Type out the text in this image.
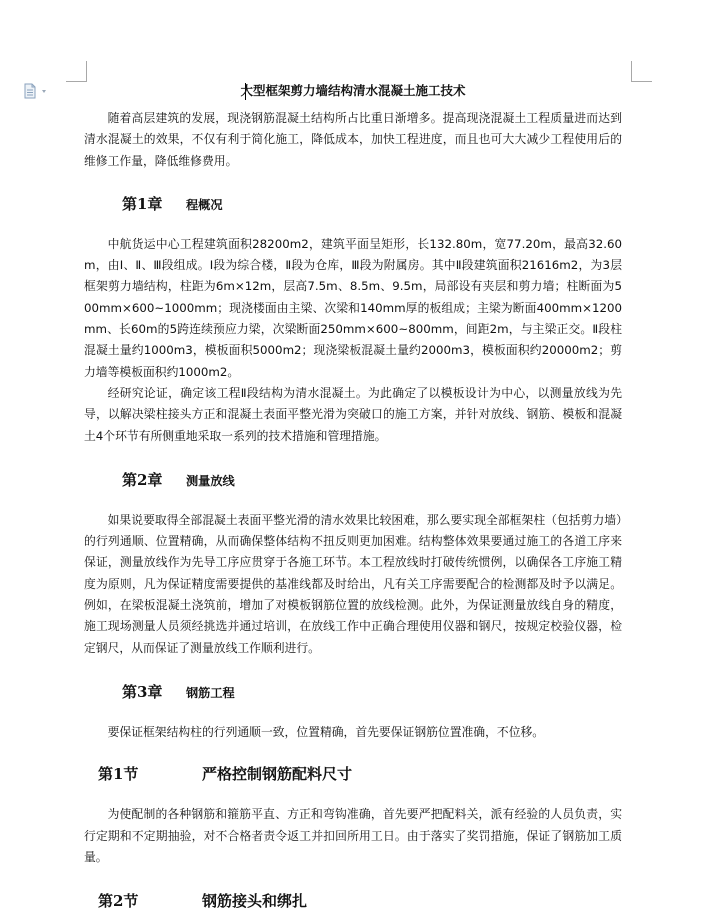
大型框架剪力墙结构清水混凝土施工技术

随着高层建筑的发展，现浇钢筋混凝土结构所占比重日渐增多。提高现浇混凝土工程质量进而达到清水混凝土的效果，不仅有利于简化施工，降低成本，加快工程进度，而且也可大大减少工程使用后的维修工作量，降低维修费用。

第1章	程概况

中航货运中心工程建筑面积28200m2，建筑平面呈矩形，长132.80m，宽77.20m，最高32.60m，由Ⅰ、Ⅱ、Ⅲ段组成。Ⅰ段为综合楼，Ⅱ段为仓库，Ⅲ段为附属房。其中Ⅱ段建筑面积21616m2，为3层框架剪力墙结构，柱距为6m×12m，层高7.5m、8.5m、9.5m，局部设有夹层和剪力墙；柱断面为500mm×600~1000mm；现浇楼面由主梁、次梁和140mm厚的板组成；主梁为断面400mm×1200mm、长60m的5跨连续预应力梁，次梁断面250mm×600~800mm，间距2m，与主梁正交。Ⅱ段柱混凝土量约1000m3，模板面积5000m2；现浇梁板混凝土量约2000m3，模板面积约20000m2；剪力墙等模板面积约1000m2。

经研究论证，确定该工程Ⅱ段结构为清水混凝土。为此确定了以模板设计为中心，以测量放线为先导，以解决梁柱接头方正和混凝土表面平整光滑为突破口的施工方案，并针对放线、钢筋、模板和混凝土4个环节有所侧重地采取一系列的技术措施和管理措施。

第2章	测量放线

如果说要取得全部混凝土表面平整光滑的清水效果比较困难，那么要实现全部框架柱（包括剪力墙）的行列通顺、位置精确，从而确保整体结构不扭反则更加困难。结构整体效果要通过施工的各道工序来保证，测量放线作为先导工序应贯穿于各施工环节。本工程放线时打破传统惯例，以确保各工序施工精度为原则，凡为保证精度需要提供的基准线都及时给出，凡有关工序需要配合的检测都及时予以满足。例如，在梁板混凝土浇筑前，增加了对模板钢筋位置的放线检测。此外，为保证测量放线自身的精度，施工现场测量人员须经挑选并通过培训，在放线工作中正确合理使用仪器和钢尺，按规定校验仪器，检定钢尺，从而保证了测量放线工作顺利进行。

第3章	钢筋工程

要保证框架结构柱的行列通顺一致，位置精确，首先要保证钢筋位置准确，不位移。

第1节	严格控制钢筋配料尺寸

为使配制的各种钢筋和箍筋平直、方正和弯钩准确，首先要严把配料关，派有经验的人员负责，实行定期和不定期抽验，对不合格者责令返工并扣回所用工日。由于落实了奖罚措施，保证了钢筋加工质量。

第2节	钢筋接头和绑扎
